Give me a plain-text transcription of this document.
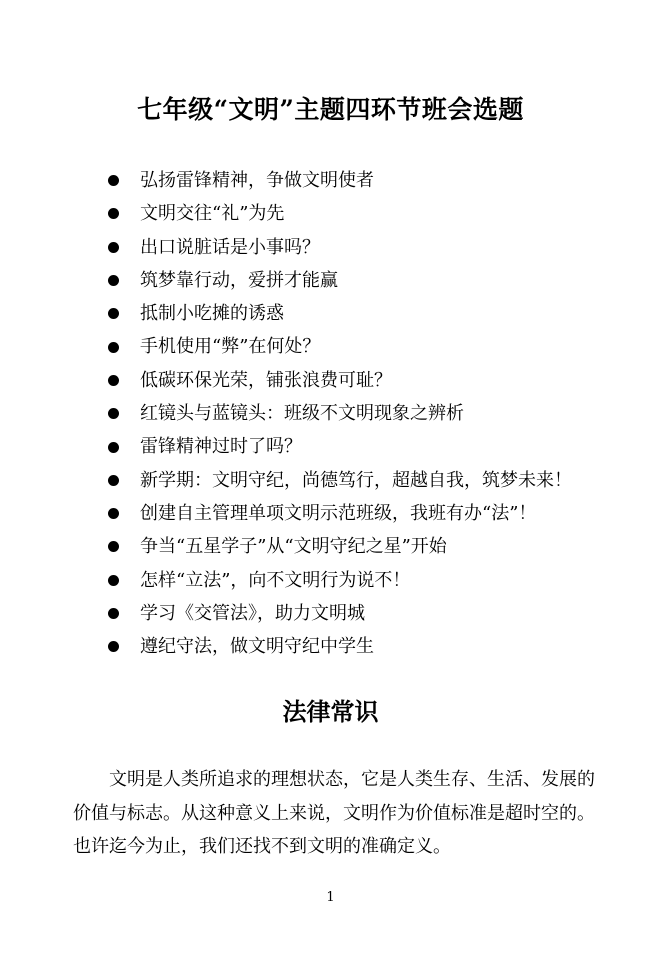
七年级“文明”主题四环节班会选题
弘扬雷锋精神，争做文明使者
文明交往“礼”为先
出口说脏话是小事吗？
筑梦靠行动，爱拼才能赢
抵制小吃摊的诱惑
手机使用“弊”在何处？
低碳环保光荣，铺张浪费可耻？
红镜头与蓝镜头：班级不文明现象之辨析
雷锋精神过时了吗？
新学期：文明守纪，尚德笃行，超越自我，筑梦未来！
创建自主管理单项文明示范班级，我班有办“法”！
争当“五星学子”从“文明守纪之星”开始
怎样“立法”，向不文明行为说不！
学习《交管法》，助力文明城
遵纪守法，做文明守纪中学生
法律常识

文明是人类所追求的理想状态，它是人类生存、生活、发展的价值与标志。从这种意义上来说，文明作为价值标准是超时空的。也许迄今为止，我们还找不到文明的准确定义。

1
